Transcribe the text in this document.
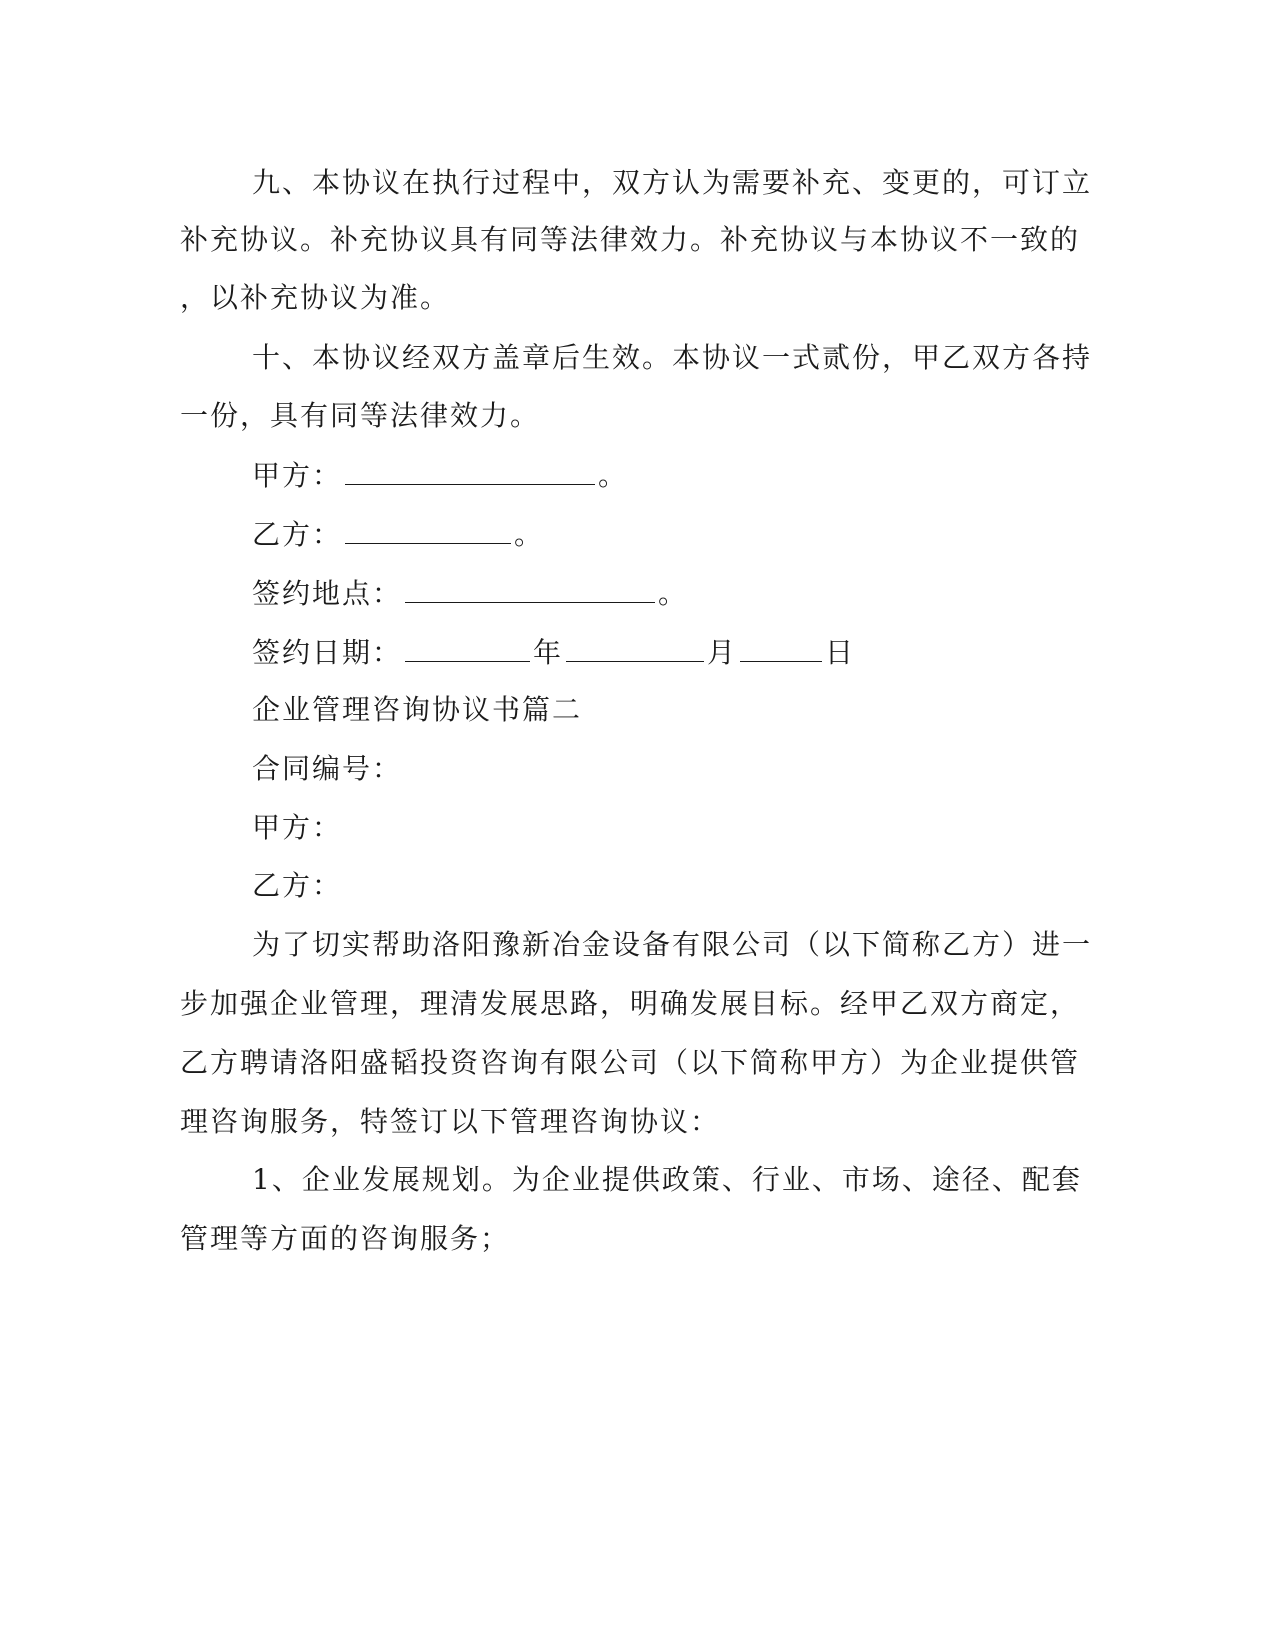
九、本协议在执行过程中，双方认为需要补充、变更的，可订立
补充协议。补充协议具有同等法律效力。补充协议与本协议不一致的
，以补充协议为准。
十、本协议经双方盖章后生效。本协议一式贰份，甲乙双方各持
一份，具有同等法律效力。
甲方：	。
乙方：	。
签约地点：	。
签约日期：	年	月	日
企业管理咨询协议书篇二
合同编号：
甲方：
乙方：
为了切实帮助洛阳豫新冶金设备有限公司（以下简称乙方）进一
步加强企业管理，理清发展思路，明确发展目标。经甲乙双方商定，
乙方聘请洛阳盛韬投资咨询有限公司（以下简称甲方）为企业提供管
理咨询服务，特签订以下管理咨询协议：
1、企业发展规划。为企业提供政策、行业、市场、途径、配套
管理等方面的咨询服务；
